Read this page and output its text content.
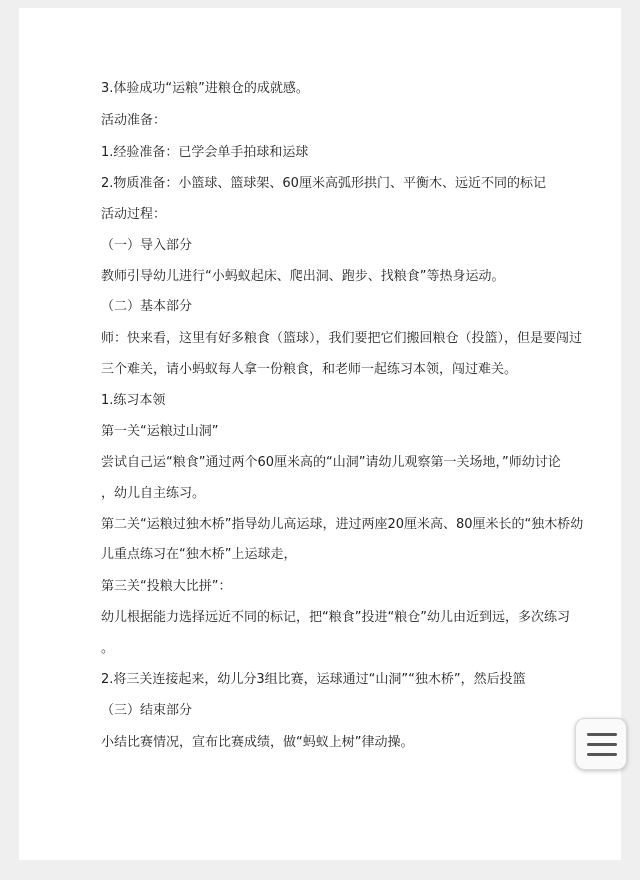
3.体验成功“运粮”进粮仓的成就感。
活动准备：
1.经验准备：已学会单手拍球和运球
2.物质准备：小篮球、篮球架、60厘米高弧形拱门、平衡木、远近不同的标记
活动过程：
（一）导入部分
教师引导幼儿进行“小蚂蚁起床、爬出洞、跑步、找粮食”等热身运动。
（二）基本部分
师：快来看，这里有好多粮食（篮球），我们要把它们搬回粮仓（投篮），但是要闯过
三个难关，请小蚂蚁每人拿一份粮食，和老师一起练习本领，闯过难关。
1.练习本领
第一关“运粮过山洞”
尝试自己运“粮食”通过两个60厘米高的“山洞”请幼儿观察第一关场地，”师幼讨论
，幼儿自主练习。
第二关“运粮过独木桥”指导幼儿高运球，进过两座20厘米高、80厘米长的“独木桥幼
儿重点练习在“独木桥”上运球走，
第三关“投粮大比拼”：
幼儿根据能力选择远近不同的标记，把“粮食”投进“粮仓”幼儿由近到远，多次练习
。
2.将三关连接起来，幼儿分3组比赛，运球通过“山洞”“独木桥”，然后投篮
（三）结束部分
小结比赛情况，宣布比赛成绩，做“蚂蚁上树”律动操。
